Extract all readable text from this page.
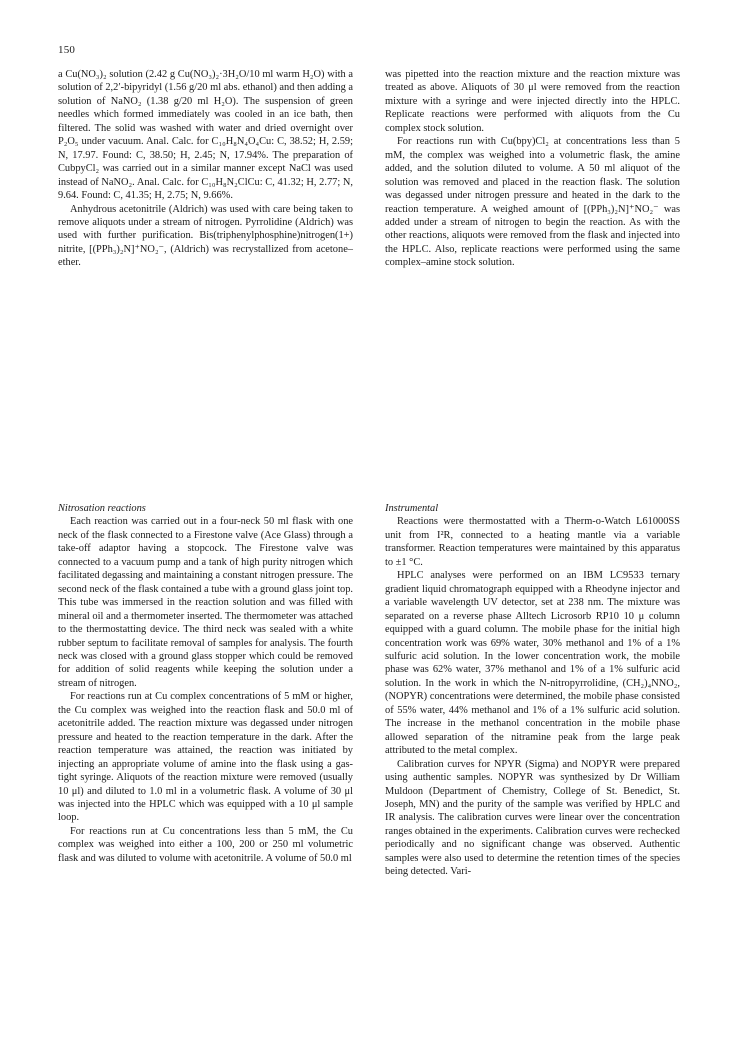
150

a Cu(NO₃)₂ solution (2.42 g Cu(NO₃)₂·3H₂O/10 ml warm H₂O) with a solution of 2,2′-bipyridyl (1.56 g/20 ml abs. ethanol) and then adding a solution of NaNO₂ (1.38 g/20 ml H₂O). The suspension of green needles which formed immediately was cooled in an ice bath, then filtered. The solid was washed with water and dried overnight over P₂O₅ under vacuum. Anal. Calc. for C₁₀H₈N₄O₄Cu: C, 38.52; H, 2.59; N, 17.97. Found: C, 38.50; H, 2.45; N, 17.94%. The preparation of CubpyCl₂ was carried out in a similar manner except NaCl was used instead of NaNO₂. Anal. Calc. for C₁₀H₈N₂ClCu: C, 41.32; H, 2.77; N, 9.64. Found: C, 41.35; H, 2.75; N, 9.66%.

Anhydrous acetonitrile (Aldrich) was used with care being taken to remove aliquots under a stream of nitrogen. Pyrrolidine (Aldrich) was used with further purification. Bis(triphenylphosphine)nitrogen(1+) nitrite, [(PPh₃)₂N]⁺NO₂⁻, (Aldrich) was recrystallized from acetone–ether.

was pipetted into the reaction mixture and the reaction mixture was treated as above. Aliquots of 30 μl were removed from the reaction mixture with a syringe and were injected directly into the HPLC. Replicate reactions were performed with aliquots from the Cu complex stock solution.

For reactions run with Cu(bpy)Cl₂ at concentrations less than 5 mM, the complex was weighed into a volumetric flask, the amine added, and the solution diluted to volume. A 50 ml aliquot of the solution was removed and placed in the reaction flask. The solution was degassed under nitrogen pressure and heated in the dark to the reaction temperature. A weighed amount of [(PPh₃)₂N]⁺NO₂⁻ was added under a stream of nitrogen to begin the reaction. As with the other reactions, aliquots were removed from the flask and injected into the HPLC. Also, replicate reactions were performed using the same complex–amine stock solution.

Nitrosation reactions

Each reaction was carried out in a four-neck 50 ml flask with one neck of the flask connected to a Firestone valve (Ace Glass) through a take-off adaptor having a stopcock. The Firestone valve was connected to a vacuum pump and a tank of high purity nitrogen which facilitated degassing and maintaining a constant nitrogen pressure. The second neck of the flask contained a tube with a ground glass joint top. This tube was immersed in the reaction solution and was filled with mineral oil and a thermometer inserted. The thermometer was attached to the thermostatting device. The third neck was sealed with a white rubber septum to facilitate removal of samples for analysis. The fourth neck was closed with a ground glass stopper which could be removed for addition of solid reagents while keeping the solution under a stream of nitrogen.

For reactions run at Cu complex concentrations of 5 mM or higher, the Cu complex was weighed into the reaction flask and 50.0 ml of acetonitrile added. The reaction mixture was degassed under nitrogen pressure and heated to the reaction temperature in the dark. After the reaction temperature was attained, the reaction was initiated by injecting an appropriate volume of amine into the flask using a gas-tight syringe. Aliquots of the reaction mixture were removed (usually 10 μl) and diluted to 1.0 ml in a volumetric flask. A volume of 30 μl was injected into the HPLC which was equipped with a 10 μl sample loop.

For reactions run at Cu concentrations less than 5 mM, the Cu complex was weighed into either a 100, 200 or 250 ml volumetric flask and was diluted to volume with acetonitrile. A volume of 50.0 ml

Instrumental

Reactions were thermostatted with a Therm-o-Watch L61000SS unit from I²R, connected to a heating mantle via a variable transformer. Reaction temperatures were maintained by this apparatus to ±1 °C.

HPLC analyses were performed on an IBM LC9533 ternary gradient liquid chromatograph equipped with a Rheodyne injector and a variable wavelength UV detector, set at 238 nm. The mixture was separated on a reverse phase Alltech Licrosorb RP10 10 μ column equipped with a guard column. The mobile phase for the initial high concentration work was 69% water, 30% methanol and 1% of a 1% sulfuric acid solution. In the lower concentration work, the mobile phase was 62% water, 37% methanol and 1% of a 1% sulfuric acid solution. In the work in which the N-nitropyrrolidine, (CH₂)₄NNO₂, (NOPYR) concentrations were determined, the mobile phase consisted of 55% water, 44% methanol and 1% of a 1% sulfuric acid solution. The increase in the methanol concentration in the mobile phase allowed separation of the nitramine peak from the large peak attributed to the metal complex.

Calibration curves for NPYR (Sigma) and NOPYR were prepared using authentic samples. NOPYR was synthesized by Dr William Muldoon (Department of Chemistry, College of St. Benedict, St. Joseph, MN) and the purity of the sample was verified by HPLC and IR analysis. The calibration curves were linear over the concentration ranges obtained in the experiments. Calibration curves were rechecked periodically and no significant change was observed. Authentic samples were also used to determine the retention times of the species being detected. Vari-
